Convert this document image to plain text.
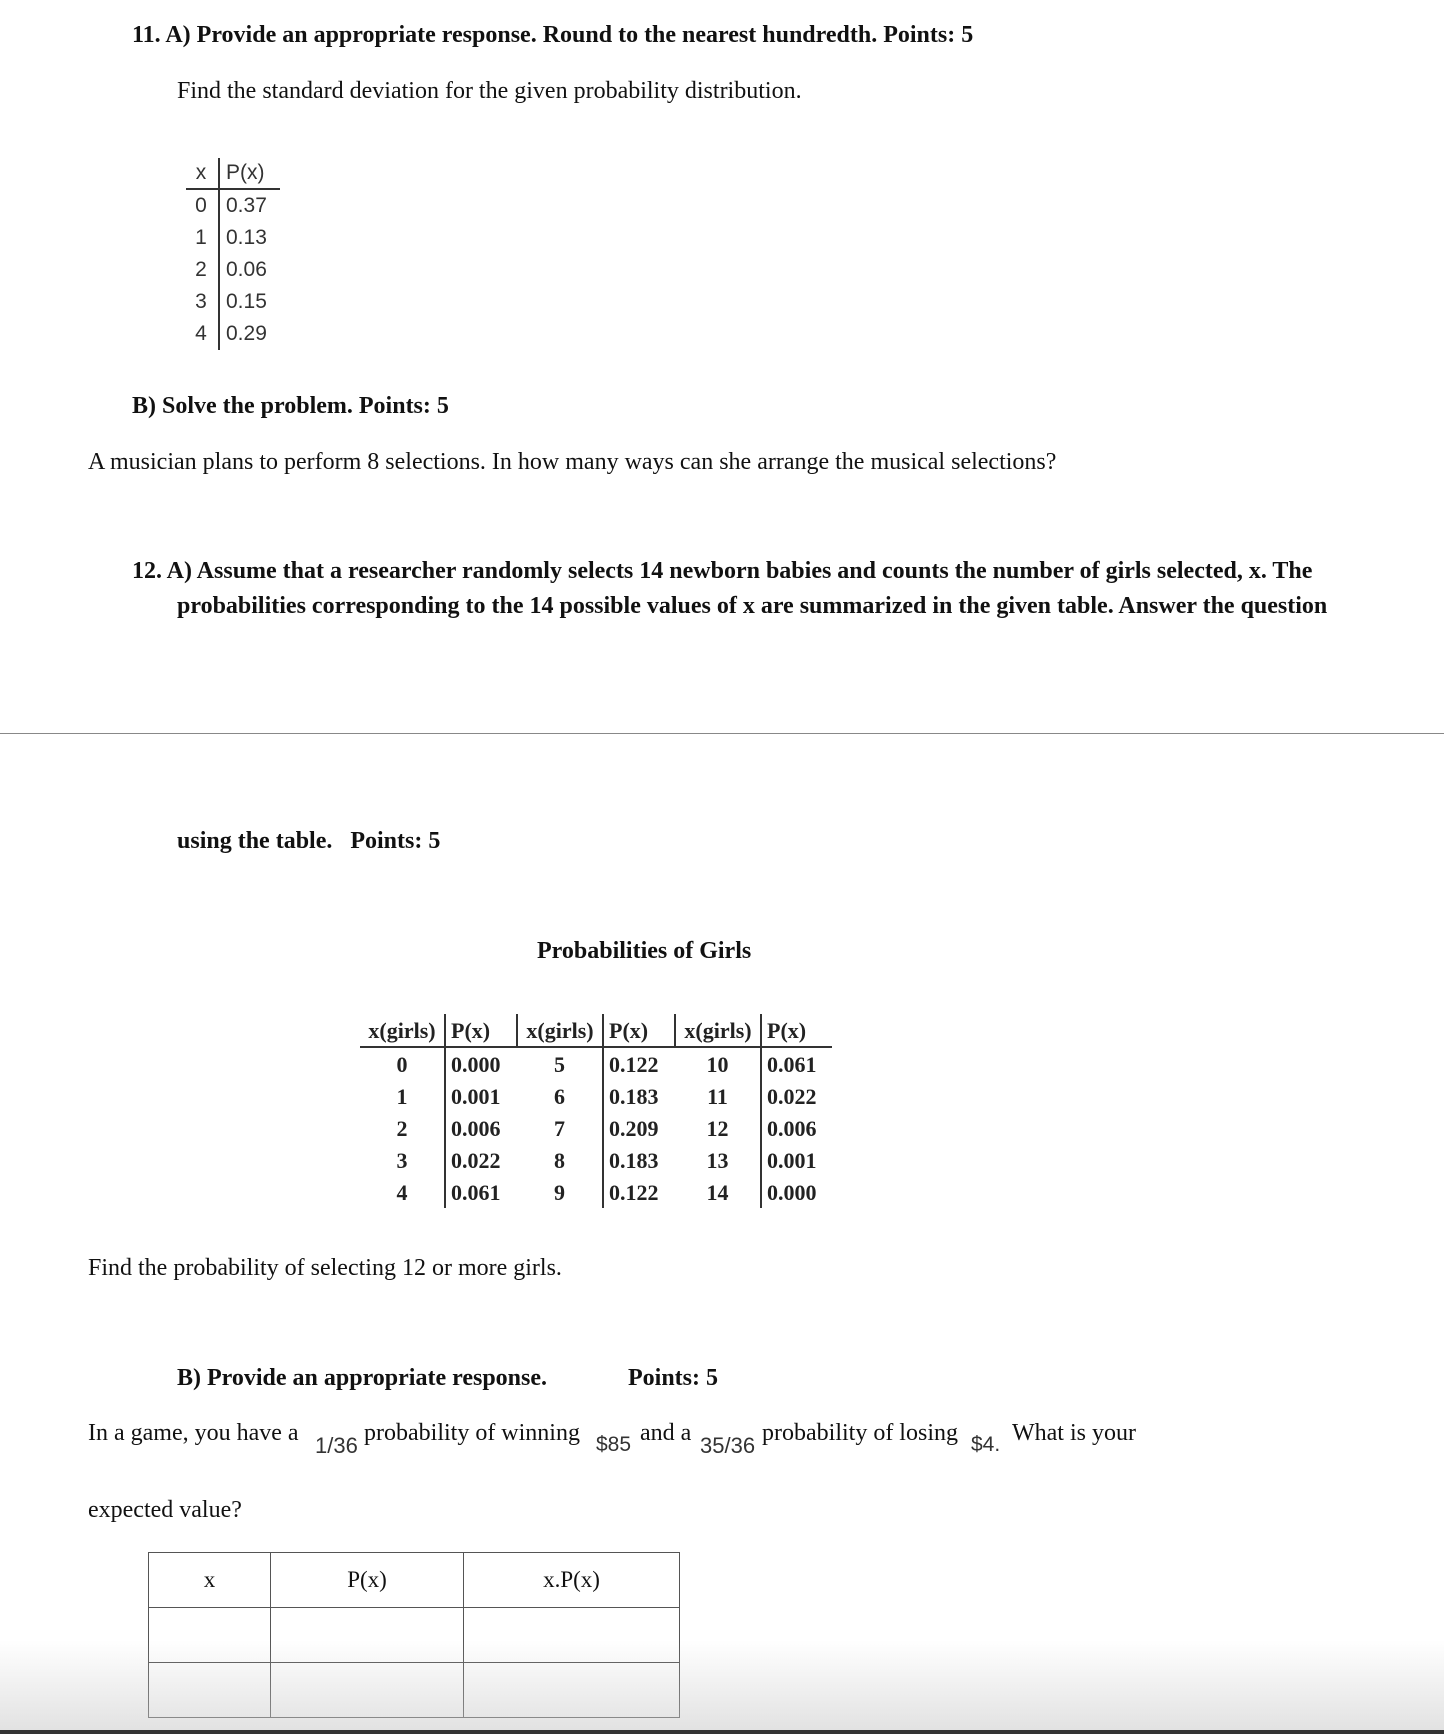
11. A) Provide an appropriate response. Round to the nearest hundredth. Points: 5
Find the standard deviation for the given probability distribution.
x	P(x)
0	0.37
1	0.13
2	0.06
3	0.15
4	0.29
B) Solve the problem. Points: 5
A musician plans to perform 8 selections. In how many ways can she arrange the musical selections?
12. A) Assume that a researcher randomly selects 14 newborn babies and counts the number of girls selected, x. The
probabilities corresponding to the 14 possible values of x are summarized in the given table. Answer the question
using the table.   Points: 5
Probabilities of Girls
x(girls)	P(x)	x(girls)	P(x)	x(girls)	P(x)
0	0.000	5	0.122	10	0.061
1	0.001	6	0.183	11	0.022
2	0.006	7	0.209	12	0.006
3	0.022	8	0.183	13	0.001
4	0.061	9	0.122	14	0.000
Find the probability of selecting 12 or more girls.
B) Provide an appropriate response.	Points: 5
In a game, you have a 1/36 probability of winning $85 and a 35/36 probability of losing $4. What is your
expected value?
x	P(x)	x.P(x)
